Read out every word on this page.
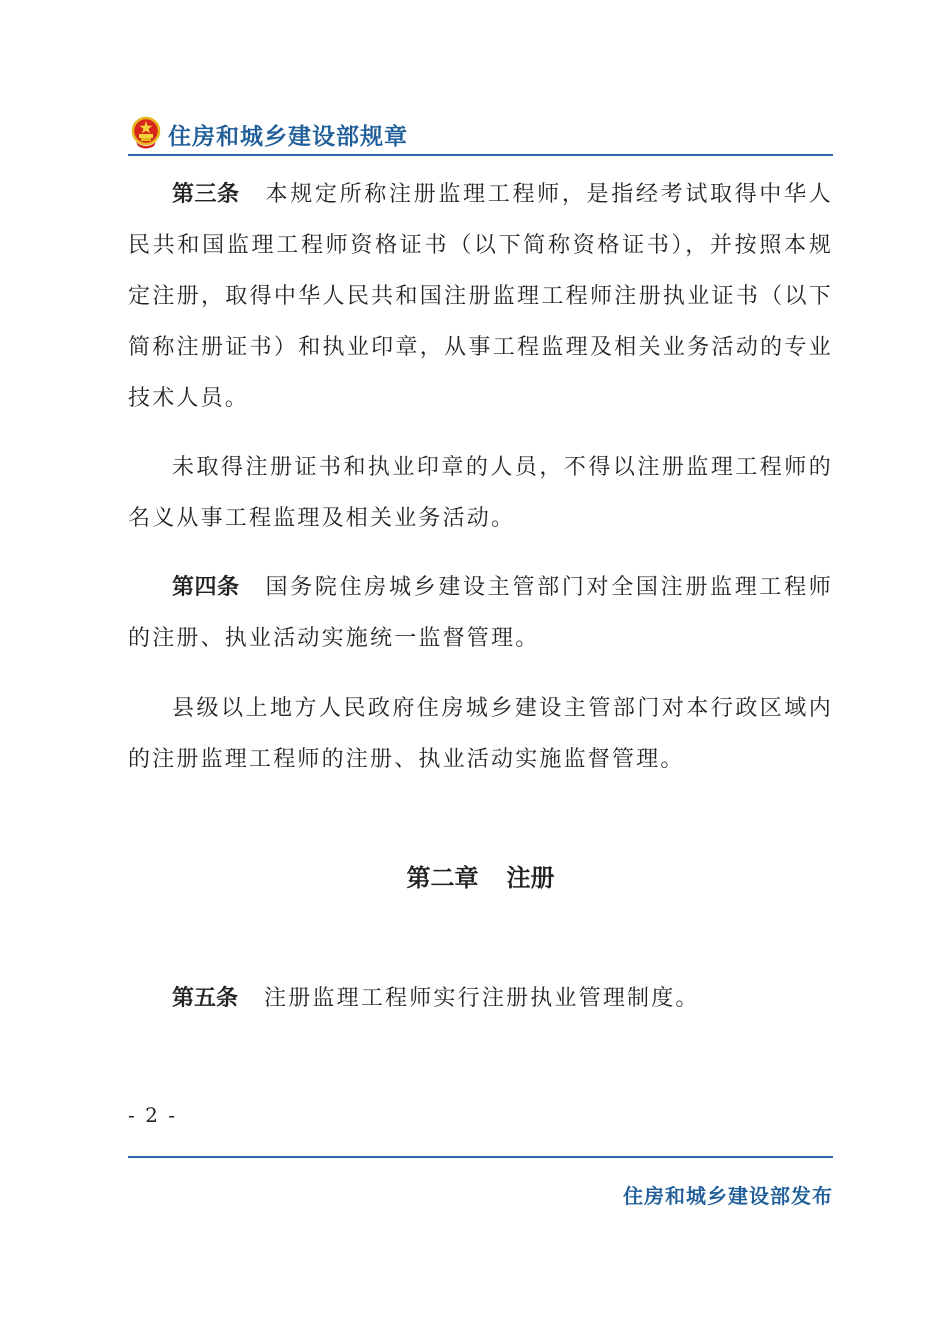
住房和城乡建设部规章

第三条 本规定所称注册监理工程师，是指经考试取得中华人民共和国监理工程师资格证书（以下简称资格证书），并按照本规定注册，取得中华人民共和国注册监理工程师注册执业证书（以下简称注册证书）和执业印章，从事工程监理及相关业务活动的专业技术人员。

未取得注册证书和执业印章的人员，不得以注册监理工程师的名义从事工程监理及相关业务活动。

第四条 国务院住房城乡建设主管部门对全国注册监理工程师的注册、执业活动实施统一监督管理。

县级以上地方人民政府住房城乡建设主管部门对本行政区域内的注册监理工程师的注册、执业活动实施监督管理。

第二章 注册

第五条 注册监理工程师实行注册执业管理制度。

- 2 -
住房和城乡建设部发布
